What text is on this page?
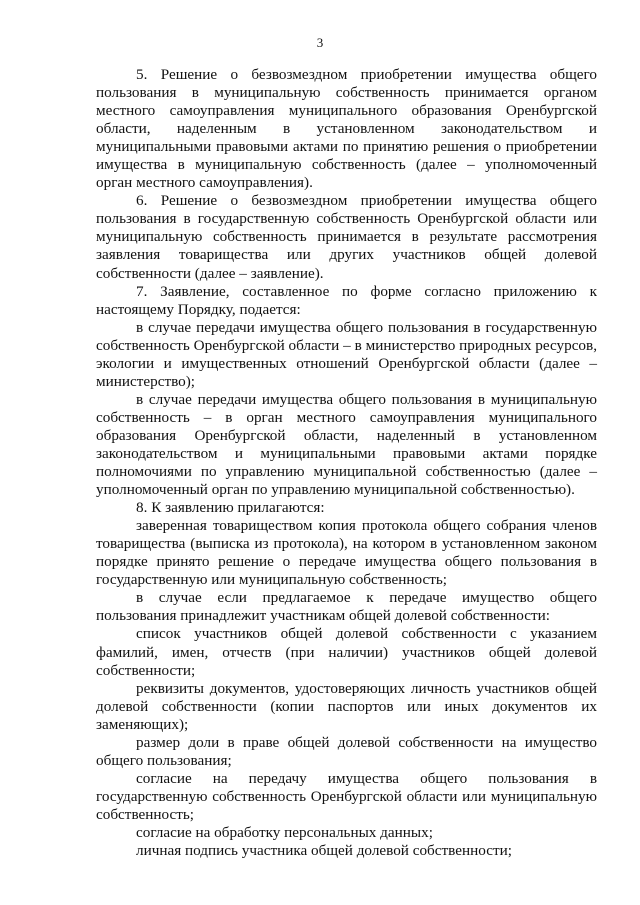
3

5. Решение о безвозмездном приобретении имущества общего пользования в муниципальную собственность принимается органом местного самоуправления муниципального образования Оренбургской области, наделенным в установленном законодательством и муниципальными правовыми актами по принятию решения о приобретении имущества в муниципальную собственность (далее – уполномоченный орган местного самоуправления).

6. Решение о безвозмездном приобретении имущества общего пользования в государственную собственность Оренбургской области или муниципальную собственность принимается в результате рассмотрения заявления товарищества или других участников общей долевой собственности (далее – заявление).

7. Заявление, составленное по форме согласно приложению к настоящему Порядку, подается:

в случае передачи имущества общего пользования в государственную собственность Оренбургской области – в министерство природных ресурсов, экологии и имущественных отношений Оренбургской области (далее – министерство);

в случае передачи имущества общего пользования в муниципальную собственность – в орган местного самоуправления муниципального образования Оренбургской области, наделенный в установленном законодательством и муниципальными правовыми актами порядке полномочиями по управлению муниципальной собственностью (далее – уполномоченный орган по управлению муниципальной собственностью).

8. К заявлению прилагаются:

заверенная товариществом копия протокола общего собрания членов товарищества (выписка из протокола), на котором в установленном законом порядке принято решение о передаче имущества общего пользования в государственную или муниципальную собственность;

в случае если предлагаемое к передаче имущество общего пользования принадлежит участникам общей долевой собственности:

список участников общей долевой собственности с указанием фамилий, имен, отчеств (при наличии) участников общей долевой собственности;

реквизиты документов, удостоверяющих личность участников общей долевой собственности (копии паспортов или иных документов их заменяющих);

размер доли в праве общей долевой собственности на имущество общего пользования;

согласие на передачу имущества общего пользования в государственную собственность Оренбургской области или муниципальную собственность;

согласие на обработку персональных данных;

личная подпись участника общей долевой собственности;
